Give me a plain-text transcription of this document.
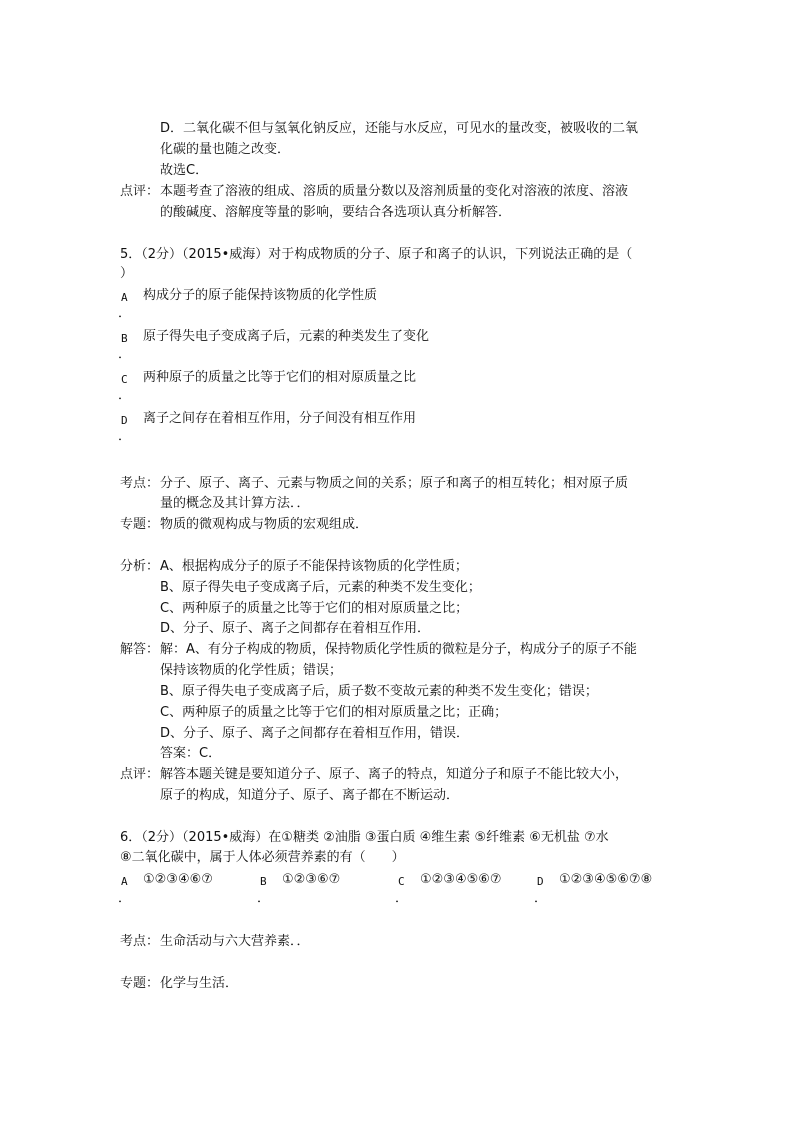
D．二氧化碳不但与氢氧化钠反应，还能与水反应，可见水的量改变，被吸收的二氧
化碳的量也随之改变．
故选C．
点评： 本题考查了溶液的组成、溶质的质量分数以及溶剂质量的变化对溶液的浓度、溶液
的酸碱度、溶解度等量的影响，要结合各选项认真分析解答．
5．（2分）（2015•威海）对于构成物质的分子、原子和离子的认识，下列说法正确的是（
）
A 构成分子的原子能保持该物质的化学性质
．
B 原子得失电子变成离子后，元素的种类发生了变化
．
C 两种原子的质量之比等于它们的相对原质量之比
．
D 离子之间存在着相互作用，分子间没有相互作用
．
考点： 分子、原子、离子、元素与物质之间的关系；原子和离子的相互转化；相对原子质
量的概念及其计算方法．．
专题： 物质的微观构成与物质的宏观组成．
分析： A、根据构成分子的原子不能保持该物质的化学性质；
B、原子得失电子变成离子后，元素的种类不发生变化；
C、两种原子的质量之比等于它们的相对原质量之比；
D、分子、原子、离子之间都存在着相互作用．
解答： 解：A、有分子构成的物质，保持物质化学性质的微粒是分子，构成分子的原子不能
保持该物质的化学性质；错误；
B、原子得失电子变成离子后，质子数不变故元素的种类不发生变化；错误；
C、两种原子的质量之比等于它们的相对原质量之比；正确；
D、分子、原子、离子之间都存在着相互作用，错误．
答案：C．
点评： 解答本题关键是要知道分子、原子、离子的特点，知道分子和原子不能比较大小，
原子的构成，知道分子、原子、离子都在不断运动．
6．（2分）（2015•威海）在①糖类 ②油脂 ③蛋白质 ④维生素 ⑤纤维素 ⑥无机盐 ⑦水
⑧二氧化碳中，属于人体必须营养素的有（　　）
A ①②③④⑥⑦
．
B ①②③⑥⑦
．
C ①②③④⑤⑥⑦
．
D ①②③④⑤⑥⑦⑧
．
考点： 生命活动与六大营养素．．
专题： 化学与生活．
